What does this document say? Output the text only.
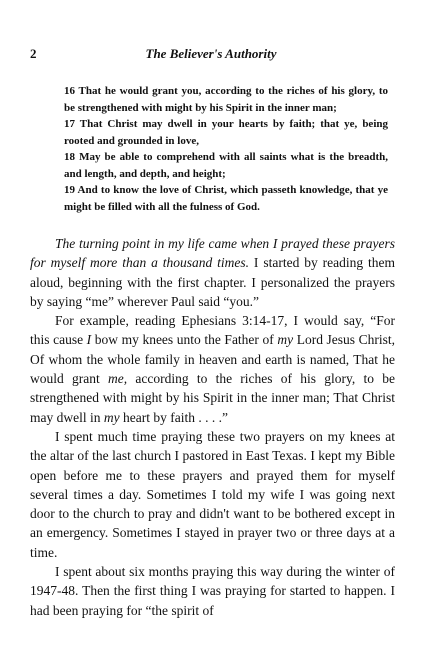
2	The Believer's Authority

16 That he would grant you, according to the riches of his glory, to be strengthened with might by his Spirit in the inner man;

17 That Christ may dwell in your hearts by faith; that ye, being rooted and grounded in love,

18 May be able to comprehend with all saints what is the breadth, and length, and depth, and height;

19 And to know the love of Christ, which passeth knowledge, that ye might be filled with all the fulness of God.

The turning point in my life came when I prayed these prayers for myself more than a thousand times. I started by reading them aloud, beginning with the first chapter. I personalized the prayers by saying “me” wherever Paul said “you.”

For example, reading Ephesians 3:14-17, I would say, “For this cause I bow my knees unto the Father of my Lord Jesus Christ, Of whom the whole family in heaven and earth is named, That he would grant me, according to the riches of his glory, to be strengthened with might by his Spirit in the inner man; That Christ may dwell in my heart by faith . . . .”

I spent much time praying these two prayers on my knees at the altar of the last church I pastored in East Texas. I kept my Bible open before me to these prayers and prayed them for myself several times a day. Sometimes I told my wife I was going next door to the church to pray and didn't want to be bothered except in an emergency. Sometimes I stayed in prayer two or three days at a time.

I spent about six months praying this way during the winter of 1947-48. Then the first thing I was praying for started to happen. I had been praying for “the spirit of
